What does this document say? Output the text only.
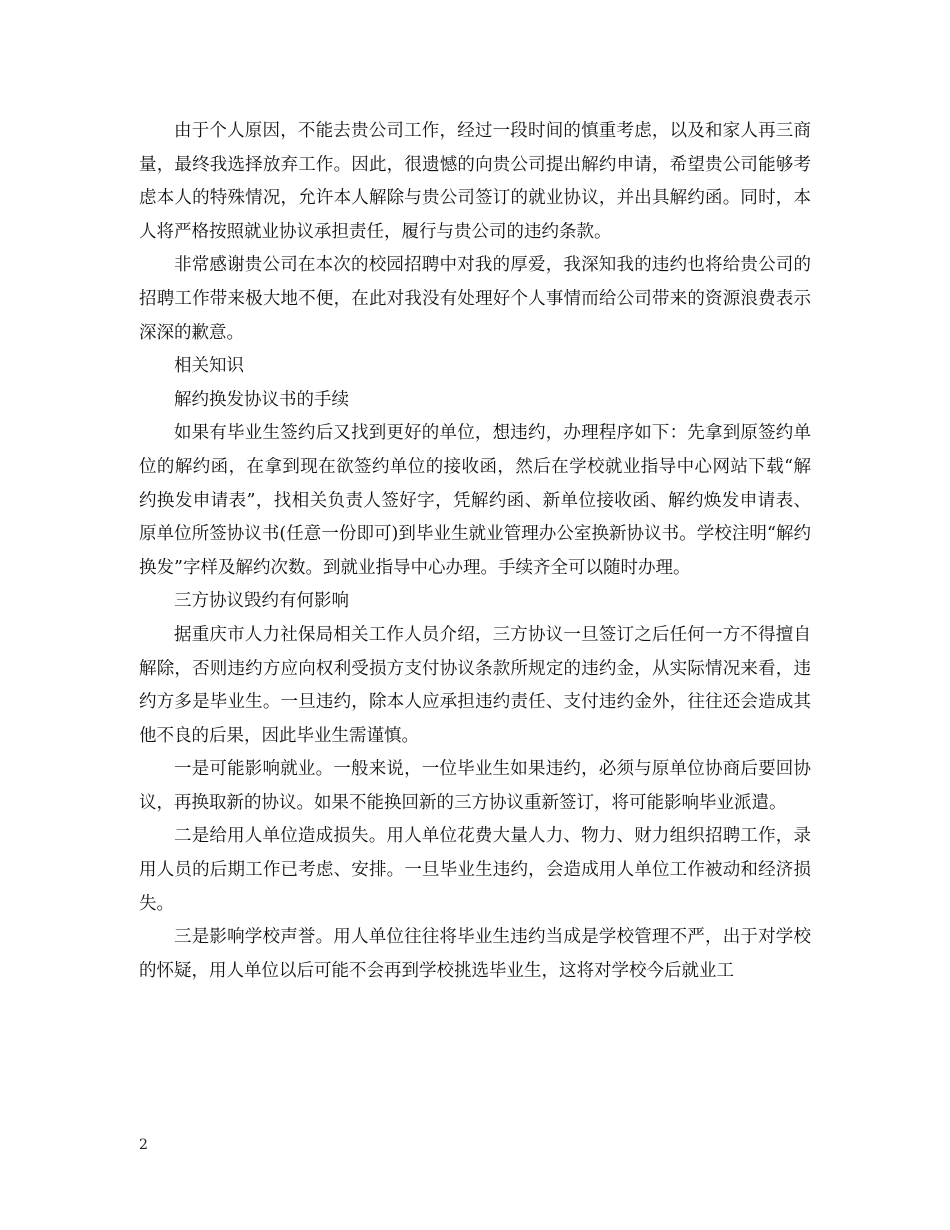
由于个人原因，不能去贵公司工作，经过一段时间的慎重考虑，以及和家人再三商量，最终我选择放弃工作。因此，很遗憾的向贵公司提出解约申请，希望贵公司能够考虑本人的特殊情况，允许本人解除与贵公司签订的就业协议，并出具解约函。同时，本人将严格按照就业协议承担责任，履行与贵公司的违约条款。

非常感谢贵公司在本次的校园招聘中对我的厚爱，我深知我的违约也将给贵公司的招聘工作带来极大地不便，在此对我没有处理好个人事情而给公司带来的资源浪费表示深深的歉意。

相关知识

解约换发协议书的手续

如果有毕业生签约后又找到更好的单位，想违约，办理程序如下：先拿到原签约单位的解约函，在拿到现在欲签约单位的接收函，然后在学校就业指导中心网站下载“解约换发申请表”，找相关负责人签好字，凭解约函、新单位接收函、解约焕发申请表、原单位所签协议书(任意一份即可)到毕业生就业管理办公室换新协议书。学校注明“解约换发”字样及解约次数。到就业指导中心办理。手续齐全可以随时办理。

三方协议毁约有何影响

据重庆市人力社保局相关工作人员介绍，三方协议一旦签订之后任何一方不得擅自解除，否则违约方应向权利受损方支付协议条款所规定的违约金，从实际情况来看，违约方多是毕业生。一旦违约，除本人应承担违约责任、支付违约金外，往往还会造成其他不良的后果，因此毕业生需谨慎。

一是可能影响就业。一般来说，一位毕业生如果违约，必须与原单位协商后要回协议，再换取新的协议。如果不能换回新的三方协议重新签订，将可能影响毕业派遣。

二是给用人单位造成损失。用人单位花费大量人力、物力、财力组织招聘工作，录用人员的后期工作已考虑、安排。一旦毕业生违约，会造成用人单位工作被动和经济损失。

三是影响学校声誉。用人单位往往将毕业生违约当成是学校管理不严，出于对学校的怀疑，用人单位以后可能不会再到学校挑选毕业生，这将对学校今后就业工

2
